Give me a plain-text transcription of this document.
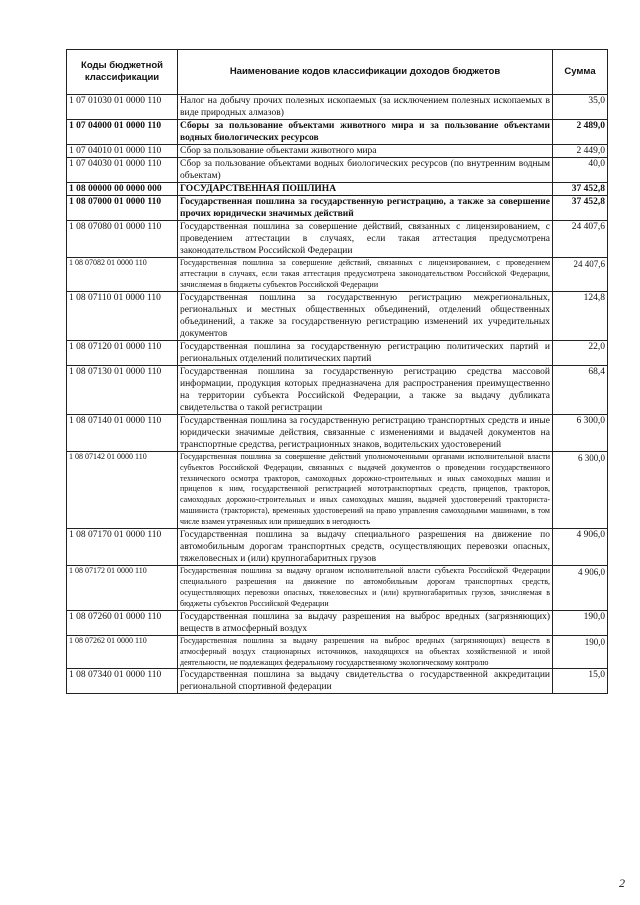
Коды бюджетной классификации	Наименование кодов классификации доходов бюджетов	Сумма
1 07 01030 01 0000 110	Налог на добычу прочих полезных ископаемых (за исключением полезных ископаемых в виде природных алмазов)	35,0
1 07 04000 01 0000 110	Сборы за пользование объектами животного мира и за пользование объектами водных биологических ресурсов	2 489,0
1 07 04010 01 0000 110	Сбор за пользование объектами животного мира	2 449,0
1 07 04030 01 0000 110	Сбор за пользование объектами водных биологических ресурсов (по внутренним водным объектам)	40,0
1 08 00000 00 0000 000	ГОСУДАРСТВЕННАЯ ПОШЛИНА	37 452,8
1 08 07000 01 0000 110	Государственная пошлина за государственную регистрацию, а также за совершение прочих юридически значимых действий	37 452,8
1 08 07080 01 0000 110	Государственная пошлина за совершение действий, связанных с лицензированием, с проведением аттестации в случаях, если такая аттестация предусмотрена законодательством Российской Федерации	24 407,6
1 08 07082 01 0000 110	Государственная пошлина за совершение действий, связанных с лицензированием, с проведением аттестации в случаях, если такая аттестация предусмотрена законодательством Российской Федерации, зачисляемая в бюджеты субъектов Российской Федерации	24 407,6
1 08 07110 01 0000 110	Государственная пошлина за государственную регистрацию межрегиональных, региональных и местных общественных объединений, отделений общественных объединений, а также за государственную регистрацию изменений их учредительных документов	124,8
1 08 07120 01 0000 110	Государственная пошлина за государственную регистрацию политических партий и региональных отделений политических партий	22,0
1 08 07130 01 0000 110	Государственная пошлина за государственную регистрацию средства массовой информации, продукция которых предназначена для распространения преимущественно на территории субъекта Российской Федерации, а также за выдачу дубликата свидетельства о такой регистрации	68,4
1 08 07140 01 0000 110	Государственная пошлина за государственную регистрацию транспортных средств и иные юридически значимые действия, связанные с изменениями и выдачей документов на транспортные средства, регистрационных знаков, водительских удостоверений	6 300,0
1 08 07142 01 0000 110	Государственная пошлина за совершение действий уполномоченными органами исполнительной власти субъектов Российской Федерации, связанных с выдачей документов о проведении государственного технического осмотра тракторов, самоходных дорожно-строительных и иных самоходных машин и прицепов к ним, государственной регистрацией мототранспортных средств, прицепов, тракторов, самоходных дорожно-строительных и иных самоходных машин, выдачей удостоверений тракториста-машиниста (тракториста), временных удостоверений на право управления самоходными машинами, в том числе взамен утраченных или пришедших в негодность	6 300,0
1 08 07170 01 0000 110	Государственная пошлина за выдачу специального разрешения на движение по автомобильным дорогам транспортных средств, осуществляющих перевозки опасных, тяжеловесных и (или) крупногабаритных грузов	4 906,0
1 08 07172 01 0000 110	Государственная пошлина за выдачу органом исполнительной власти субъекта Российской Федерации специального разрешения на движение по автомобильным дорогам транспортных средств, осуществляющих перевозки опасных, тяжеловесных и (или) крупногабаритных грузов, зачисляемая в бюджеты субъектов Российской Федерации	4 906,0
1 08 07260 01 0000 110	Государственная пошлина за выдачу разрешения на выброс вредных (загрязняющих) веществ в атмосферный воздух	190,0
1 08 07262 01 0000 110	Государственная пошлина за выдачу разрешения на выброс вредных (загрязняющих) веществ в атмосферный воздух стационарных источников, находящихся на объектах хозяйственной и иной деятельности, не подлежащих федеральному государственному экологическому контролю	190,0
1 08 07340 01 0000 110	Государственная пошлина за выдачу свидетельства о государственной аккредитации региональной спортивной федерации	15,0
2
